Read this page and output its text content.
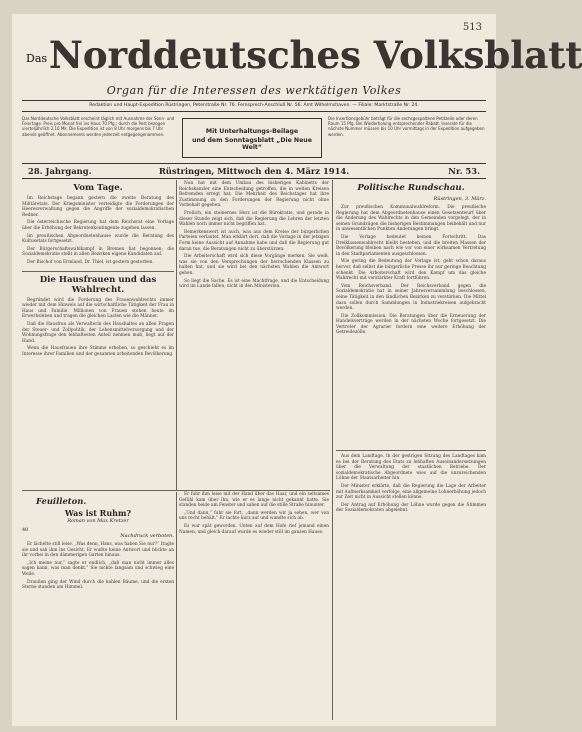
513
DasNorddeutsches Volksblatt
Organ für die Interessen des werktätigen Volkes
Redaktion und Haupt-Expedition Rüstringen, Peterstraße Nr. 76. Fernsprech-Anschluß Nr. 56. Amt Wilhelmshaven. — Filiale: Marktstraße Nr. 24.
Das Norddeutsche Volksblatt erscheint täglich mit Ausnahme der Sonn- und Feiertage. Preis pro Monat frei ins Haus 70 Pfg.; durch die Post bezogen vierteljährlich 2,10 Mk. Die Expedition ist von 8 Uhr morgens bis 7 Uhr abends geöffnet. Abonnements werden jederzeit entgegengenommen.	Mit Unterhaltungs-Beilage
und dem Sonntagsblatt „Die Neue Welt“
Die Insertionsgebühr beträgt für die sechsgespaltene Petitzeile oder deren Raum 15 Pfg. Bei Wiederholung entsprechender Rabatt. Inserate für die nächste Nummer müssen bis 10 Uhr vormittags in der Expedition aufgegeben werden.
28. Jahrgang.	Rüstringen, Mittwoch den 4. März 1914.	Nr. 53.
Vom Tage.

Im Reichstage begann gestern die zweite Beratung des Militäretats. Der Kriegsminister verteidigte die Forderungen der Heeresverwaltung gegen die Angriffe der sozialdemokratischen Redner.

Die österreichische Regierung hat dem Reichsrat eine Vorlage über die Erhöhung der Rekrutenkontingente zugehen lassen.

Im preußischen Abgeordnetenhause wurde die Beratung des Kultusetats fortgesetzt.

Der Bürgerschaftswahlkampf in Bremen hat begonnen; die Sozialdemokratie stellt in allen Bezirken eigene Kandidaten auf.

Der Bischof von Ermland, Dr. Thiel, ist gestern gestorben.

Die Hausfrauen und das Wahlrecht.

Begründet wird die Forderung des Frauenwahlrechts immer wieder mit dem Hinweis auf die wirtschaftliche Tätigkeit der Frau in Haus und Familie. Millionen von Frauen stehen heute im Erwerbsleben und tragen die gleichen Lasten wie die Männer.

Daß die Hausfrau als Verwalterin des Haushaltes an allen Fragen der Steuer- und Zollpolitik, der Lebensmittelversorgung und der Wohnungsfrage den lebhaftesten Anteil nehmen muß, liegt auf der Hand.

Wenn die Hausfrauen ihre Stimme erheben, so geschieht es im Interesse ihrer Familien und der gesamten arbeitenden Bevölkerung.

Nun hat mit dem Umbau des bisherigen Kabinetts der Reichskanzler eine Entscheidung getroffen, die in weiten Kreisen Befremden erregt hat. Die Mehrheit des Reichstages hat ihre Zustimmung zu den Forderungen der Regierung nicht ohne Vorbehalt gegeben.

Freilich, ein steinernes Herz ist die Bürokratie, und gerade in dieser Stunde zeigt sich, daß die Regierung die Lehren der letzten Wahlen noch immer nicht begriffen hat.

Bemerkenswert ist auch, was aus dem Kreise der bürgerlichen Parteien verlautet. Man erklärt dort, daß die Vorlage in der jetzigen Form keine Aussicht auf Annahme habe und daß die Regierung gut daran tue, die Beratungen nicht zu überstürzen.

Die Arbeiterschaft wird sich diese Vorgänge merken. Sie weiß, was sie von den Versprechungen der herrschenden Klassen zu halten hat, und sie wird bei den nächsten Wahlen die Antwort geben.

So liegt die Sache. Es ist eine Machtfrage, und die Entscheidung wird im Lande fallen, nicht in den Ministerien.

Feuilleton.
Was ist Ruhm?
Roman von Max Kretzer
40
Nachdruck verboten.

Er lächelte still leise. „Was denn, Hans, was haben Sie nur?“ fragte sie und sah ihm ins Gesicht. Er wußte keine Antwort und blickte an ihr vorbei in den dämmerigen Garten hinaus.

„Ich meine nur,“ sagte er endlich, „daß man nicht immer alles sagen kann, was man denkt.“ Sie nickte langsam und schwieg eine Weile.

Draußen ging der Wind durch die kahlen Bäume, und die ersten Sterne standen am Himmel.

Er fuhr ihm leise mit der Hand über das Haar, und ein seltsames Gefühl kam über ihn, wie er es lange nicht gekannt hatte. Sie standen beide am Fenster und sahen auf die stille Straße hinunter.

„Und dann,“ fuhr sie fort, „dann werden wir ja sehen, wer von uns recht behält.“ Er lachte kurz auf und wandte sich ab.

Es war spät geworden. Unten auf dem Hofe rief jemand einen Namen, und gleich darauf wurde es wieder still im ganzen Hause.

Politische Rundschau.
Rüstringen, 3. März.

Zur preußischen Kommunalwahlreform. Die preußische Regierung hat dem Abgeordnetenhause einen Gesetzentwurf über die Änderung des Wahlrechts in den Gemeinden vorgelegt, der in seinen Grundzügen die bisherigen Bestimmungen beibehält und nur in unwesentlichen Punkten Änderungen bringt.

Die Vorlage bedeutet keinen Fortschritt. Das Dreiklassenwahlrecht bleibt bestehen, und die breiten Massen der Bevölkerung bleiben nach wie vor von einer wirksamen Vertretung in den Stadtparlamenten ausgeschlossen.

Wie gering die Bedeutung der Vorlage ist, geht schon daraus hervor, daß selbst die bürgerliche Presse ihr nur geringe Beachtung schenkt. Die Arbeiterschaft wird den Kampf um das gleiche Wahlrecht mit verstärkter Kraft fortführen.

Vom Reichsverband. Der Reichsverband gegen die Sozialdemokratie hat in seiner Jahresversammlung beschlossen, seine Tätigkeit in den ländlichen Bezirken zu verstärken. Die Mittel dazu sollen durch Sammlungen in Industriekreisen aufgebracht werden.

Die Zollkommission. Die Beratungen über die Erneuerung der Handelsverträge werden in der nächsten Woche fortgesetzt. Die Vertreter der Agrarier fordern eine weitere Erhöhung der Getreidezölle.

Aus dem Landtage. In der gestrigen Sitzung des Landtages kam es bei der Beratung des Etats zu lebhaften Auseinandersetzungen über die Verwaltung der staatlichen Betriebe. Der sozialdemokratische Abgeordnete wies auf die unzureichenden Löhne der Staatsarbeiter hin.

Der Minister erklärte, daß die Regierung die Lage der Arbeiter mit Aufmerksamkeit verfolge, eine allgemeine Lohnerhöhung jedoch zur Zeit nicht in Aussicht stellen könne.

Der Antrag auf Erhöhung der Löhne wurde gegen die Stimmen der Sozialdemokraten abgelehnt.
